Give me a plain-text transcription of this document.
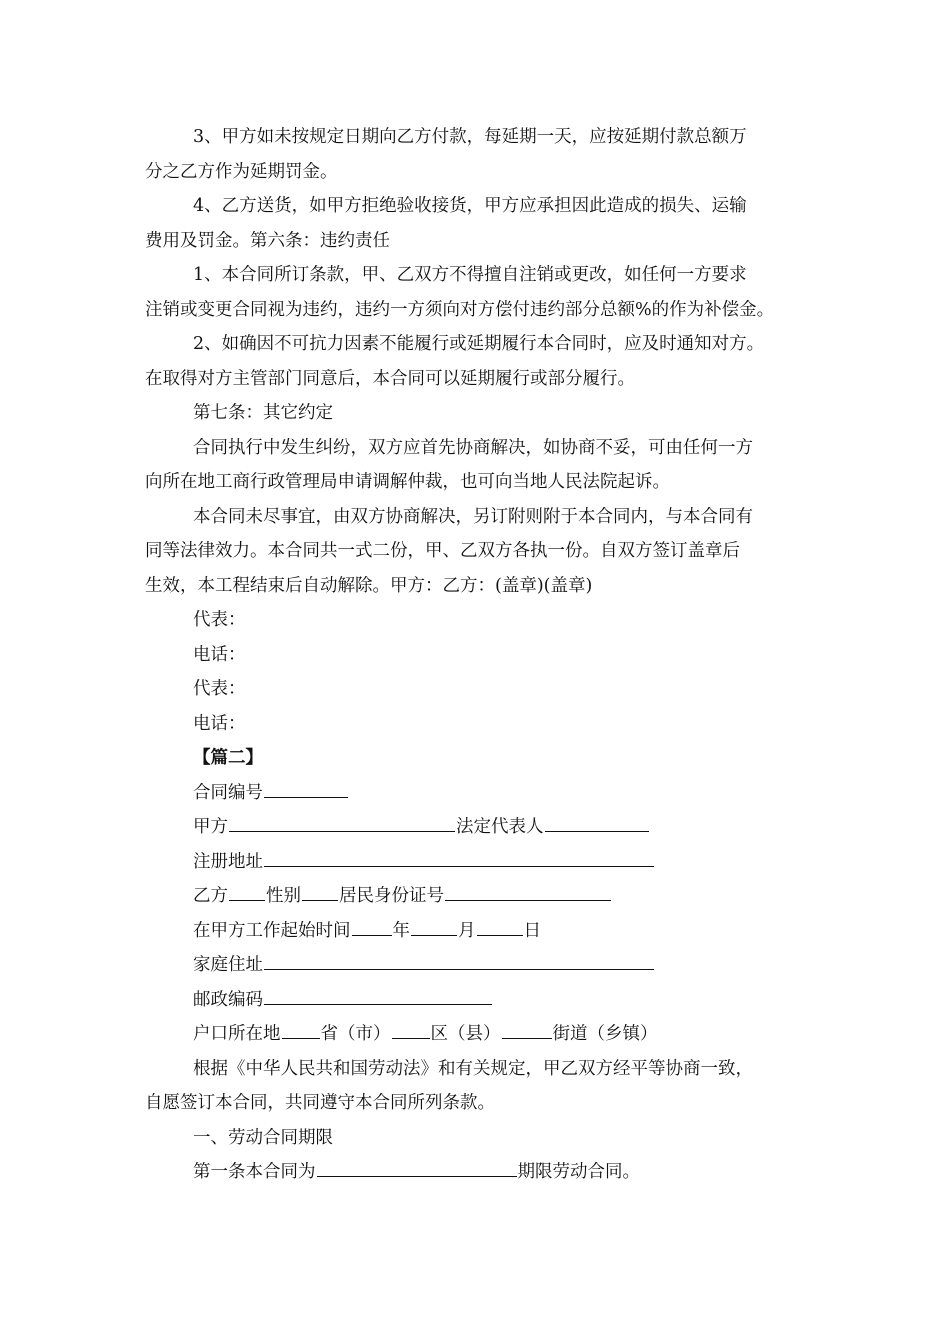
3、甲方如未按规定日期向乙方付款，每延期一天，应按延期付款总额万
分之乙方作为延期罚金。
4、乙方送货，如甲方拒绝验收接货，甲方应承担因此造成的损失、运输
费用及罚金。第六条：违约责任
1、本合同所订条款，甲、乙双方不得擅自注销或更改，如任何一方要求
注销或变更合同视为违约，违约一方须向对方偿付违约部分总额%的作为补偿金。
2、如确因不可抗力因素不能履行或延期履行本合同时，应及时通知对方。
在取得对方主管部门同意后，本合同可以延期履行或部分履行。
第七条：其它约定
合同执行中发生纠纷，双方应首先协商解决，如协商不妥，可由任何一方
向所在地工商行政管理局申请调解仲裁，也可向当地人民法院起诉。
本合同未尽事宜，由双方协商解决，另订附则附于本合同内，与本合同有
同等法律效力。本合同共一式二份，甲、乙双方各执一份。自双方签订盖章后
生效，本工程结束后自动解除。甲方：乙方：(盖章)(盖章)
代表：
电话：
代表：
电话：
【篇二】
合同编号
甲方	法定代表人
注册地址
乙方 性别 居民身份证号
在甲方工作起始时间 年	月	日
家庭住址
邮政编码
户口所在地 省（市） 区（县）	街道（乡镇）
根据《中华人民共和国劳动法》和有关规定，甲乙双方经平等协商一致，
自愿签订本合同，共同遵守本合同所列条款。
一、劳动合同期限
第一条本合同为	期限劳动合同。
